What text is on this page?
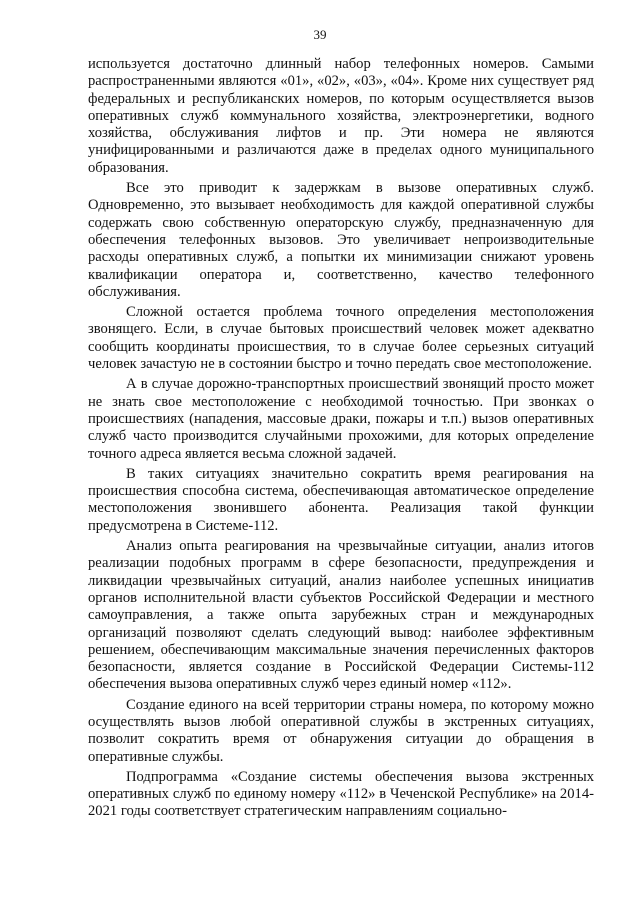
39

используется достаточно длинный набор телефонных номеров. Самыми распространенными являются «01», «02», «03», «04». Кроме них существует ряд федеральных и республиканских номеров, по которым осуществляется вызов оперативных служб коммунального хозяйства, электроэнергетики, водного хозяйства, обслуживания лифтов и пр. Эти номера не являются унифицированными и различаются даже в пределах одного муниципального образования.

Все это приводит к задержкам в вызове оперативных служб. Одновременно, это вызывает необходимость для каждой оперативной службы содержать свою собственную операторскую службу, предназначенную для обеспечения телефонных вызовов. Это увеличивает непроизводительные расходы оперативных служб, а попытки их минимизации снижают уровень квалификации оператора и, соответственно, качество телефонного обслуживания.

Сложной остается проблема точного определения местоположения звонящего. Если, в случае бытовых происшествий человек может адекватно сообщить координаты происшествия, то в случае более серьезных ситуаций человек зачастую не в состоянии быстро и точно передать свое местоположение.

А в случае дорожно-транспортных происшествий звонящий просто может не знать свое местоположение с необходимой точностью. При звонках о происшествиях (нападения, массовые драки, пожары и т.п.) вызов оперативных служб часто производится случайными прохожими, для которых определение точного адреса является весьма сложной задачей.

В таких ситуациях значительно сократить время реагирования на происшествия способна система, обеспечивающая автоматическое определение местоположения звонившего абонента. Реализация такой функции предусмотрена в Системе-112.

Анализ опыта реагирования на чрезвычайные ситуации, анализ итогов реализации подобных программ в сфере безопасности, предупреждения и ликвидации чрезвычайных ситуаций, анализ наиболее успешных инициатив органов исполнительной власти субъектов Российской Федерации и местного самоуправления, а также опыта зарубежных стран и международных организаций позволяют сделать следующий вывод: наиболее эффективным решением, обеспечивающим максимальные значения перечисленных факторов безопасности, является создание в Российской Федерации Системы-112 обеспечения вызова оперативных служб через единый номер «112».

Создание единого на всей территории страны номера, по которому можно осуществлять вызов любой оперативной службы в экстренных ситуациях, позволит сократить время от обнаружения ситуации до обращения в оперативные службы.

Подпрограмма «Создание системы обеспечения вызова экстренных оперативных служб по единому номеру «112» в Чеченской Республике» на 2014-2021 годы соответствует стратегическим направлениям социально-
